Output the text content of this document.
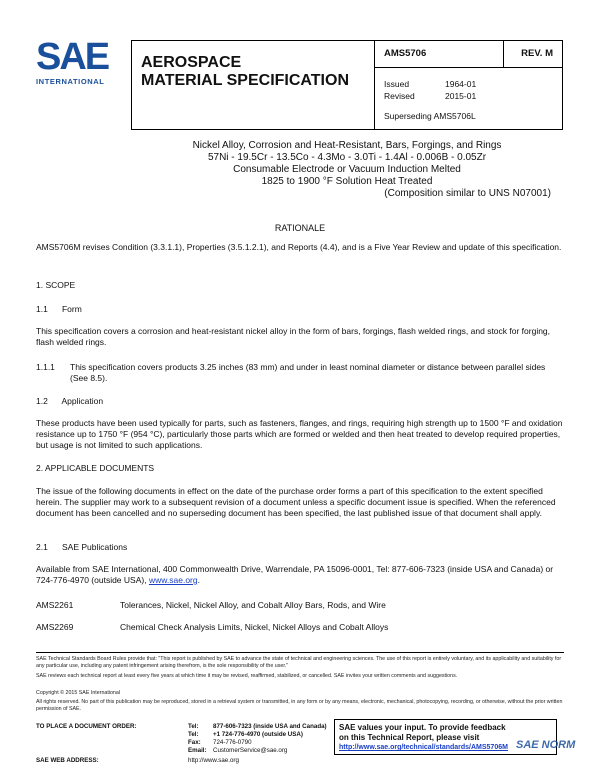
SAE
INTERNATIONAL
AEROSPACE
MATERIAL SPECIFICATION
AMS5706	REV. M
Issued	1964-01
Revised	2015-01
Superseding AMS5706L
Nickel Alloy, Corrosion and Heat-Resistant, Bars, Forgings, and Rings
57Ni - 19.5Cr - 13.5Co - 4.3Mo - 3.0Ti - 1.4Al - 0.006B - 0.05Zr
Consumable Electrode or Vacuum Induction Melted
1825 to 1900 °F Solution Heat Treated
(Composition similar to UNS N07001)
RATIONALE
AMS5706M revises Condition (3.3.1.1), Properties (3.5.1.2.1), and Reports (4.4), and is a Five Year Review and update of this specification.
1. SCOPE
1.1      Form
This specification covers a corrosion and heat-resistant nickel alloy in the form of bars, forgings, flash welded rings, and stock for forging, flash welded rings.
1.1.1 This specification covers products 3.25 inches (83 mm) and under in least nominal diameter or distance between parallel sides (See 8.5).
1.2      Application
These products have been used typically for parts, such as fasteners, flanges, and rings, requiring high strength up to 1500 °F and oxidation resistance up to 1750 °F (954 °C), particularly those parts which are formed or welded and then heat treated to develop required properties, but usage is not limited to such applications.
2. APPLICABLE DOCUMENTS
The issue of the following documents in effect on the date of the purchase order forms a part of this specification to the extent specified herein. The supplier may work to a subsequent revision of a document unless a specific document issue is specified. When the referenced document has been cancelled and no superseding document has been specified, the last published issue of that document shall apply.
2.1      SAE Publications
Available from SAE International, 400 Commonwealth Drive, Warrendale, PA 15096-0001, Tel: 877-606-7323 (inside USA and Canada) or 724-776-4970 (outside USA), www.sae.org.
AMS2261	Tolerances, Nickel, Nickel Alloy, and Cobalt Alloy Bars, Rods, and Wire
AMS2269	Chemical Check Analysis Limits, Nickel, Nickel Alloys and Cobalt Alloys
SAE Technical Standards Board Rules provide that: "This report is published by SAE to advance the state of technical and engineering sciences. The use of this report is entirely voluntary, and its applicability and suitability for any particular use, including any patent infringement arising therefrom, is the sole responsibility of the user."
SAE reviews each technical report at least every five years at which time it may be revised, reaffirmed, stabilized, or cancelled. SAE invites your written comments and suggestions.
Copyright © 2015 SAE International
All rights reserved. No part of this publication may be reproduced, stored in a retrieval system or transmitted, in any form or by any means, electronic, mechanical, photocopying, recording, or otherwise, without the prior written permission of SAE.
TO PLACE A DOCUMENT ORDER:	Tel: 877-606-7323 (inside USA and Canada)
Tel: +1 724-776-4970 (outside USA)
Fax: 724-776-0790
Email: CustomerService@sae.org
SAE WEB ADDRESS:	http://www.sae.org
SAE values your input. To provide feedback
on this Technical Report, please visit
http://www.sae.org/technical/standards/AMS5706M SAE NORM
